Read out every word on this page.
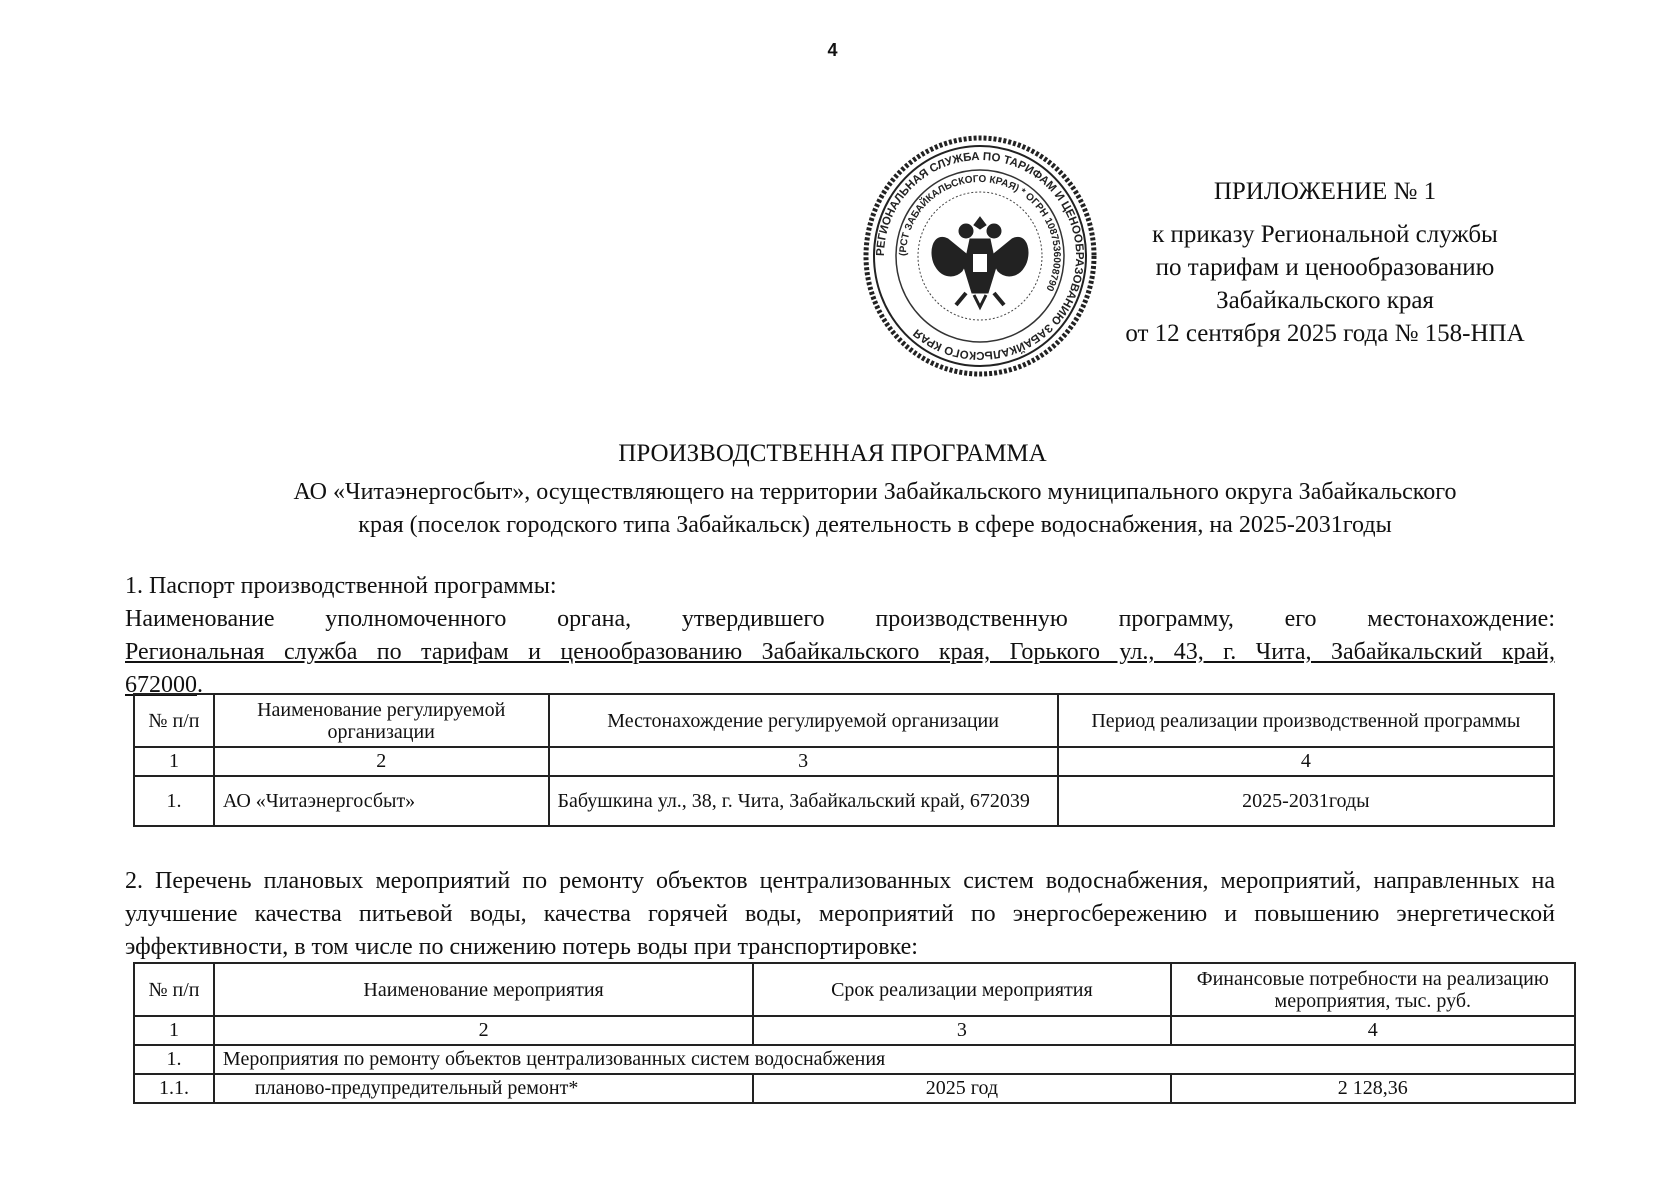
4
РЕГИОНАЛЬНАЯ СЛУЖБА ПО ТАРИФАМ И ЦЕНООБРАЗОВАНИЮ ЗАБАЙКАЛЬСКОГО КРАЯ
(РСТ ЗАБАЙКАЛЬСКОГО КРАЯ) * ОГРН 1087536008790
ПРИЛОЖЕНИЕ № 1
к приказу Региональной службы
по тарифам и ценообразованию
Забайкальского края
от 12 сентября 2025 года № 158-НПА
ПРОИЗВОДСТВЕННАЯ ПРОГРАММА
АО «Читаэнергосбыт», осуществляющего на территории Забайкальского муниципального округа Забайкальского
края (поселок городского типа Забайкальск) деятельность в сфере водоснабжения, на 2025-2031годы
1. Паспорт производственной программы:
Наименование уполномоченного органа, утвердившего производственную программу, его местонахождение:
Региональная служба по тарифам и ценообразованию Забайкальского края, Горького ул., 43, г. Чита, Забайкальский край,
672000.
№ п/п	Наименование регулируемой организации	Местонахождение регулируемой организации	Период реализации производственной программы
1	2	3	4
1.	АО «Читаэнергосбыт»	Бабушкина ул., 38, г. Чита, Забайкальский край, 672039	2025-2031годы
2. Перечень плановых мероприятий по ремонту объектов централизованных систем водоснабжения, мероприятий, направленных на улучшение качества питьевой воды, качества горячей воды, мероприятий по энергосбережению и повышению энергетической эффективности, в том числе по снижению потерь воды при транспортировке:
№ п/п	Наименование мероприятия	Срок реализации мероприятия	Финансовые потребности на реализацию мероприятия, тыс. руб.
1	2	3	4
1.	Мероприятия по ремонту объектов централизованных систем водоснабжения		
1.1.	планово-предупредительный ремонт*	2025 год	2 128,36
